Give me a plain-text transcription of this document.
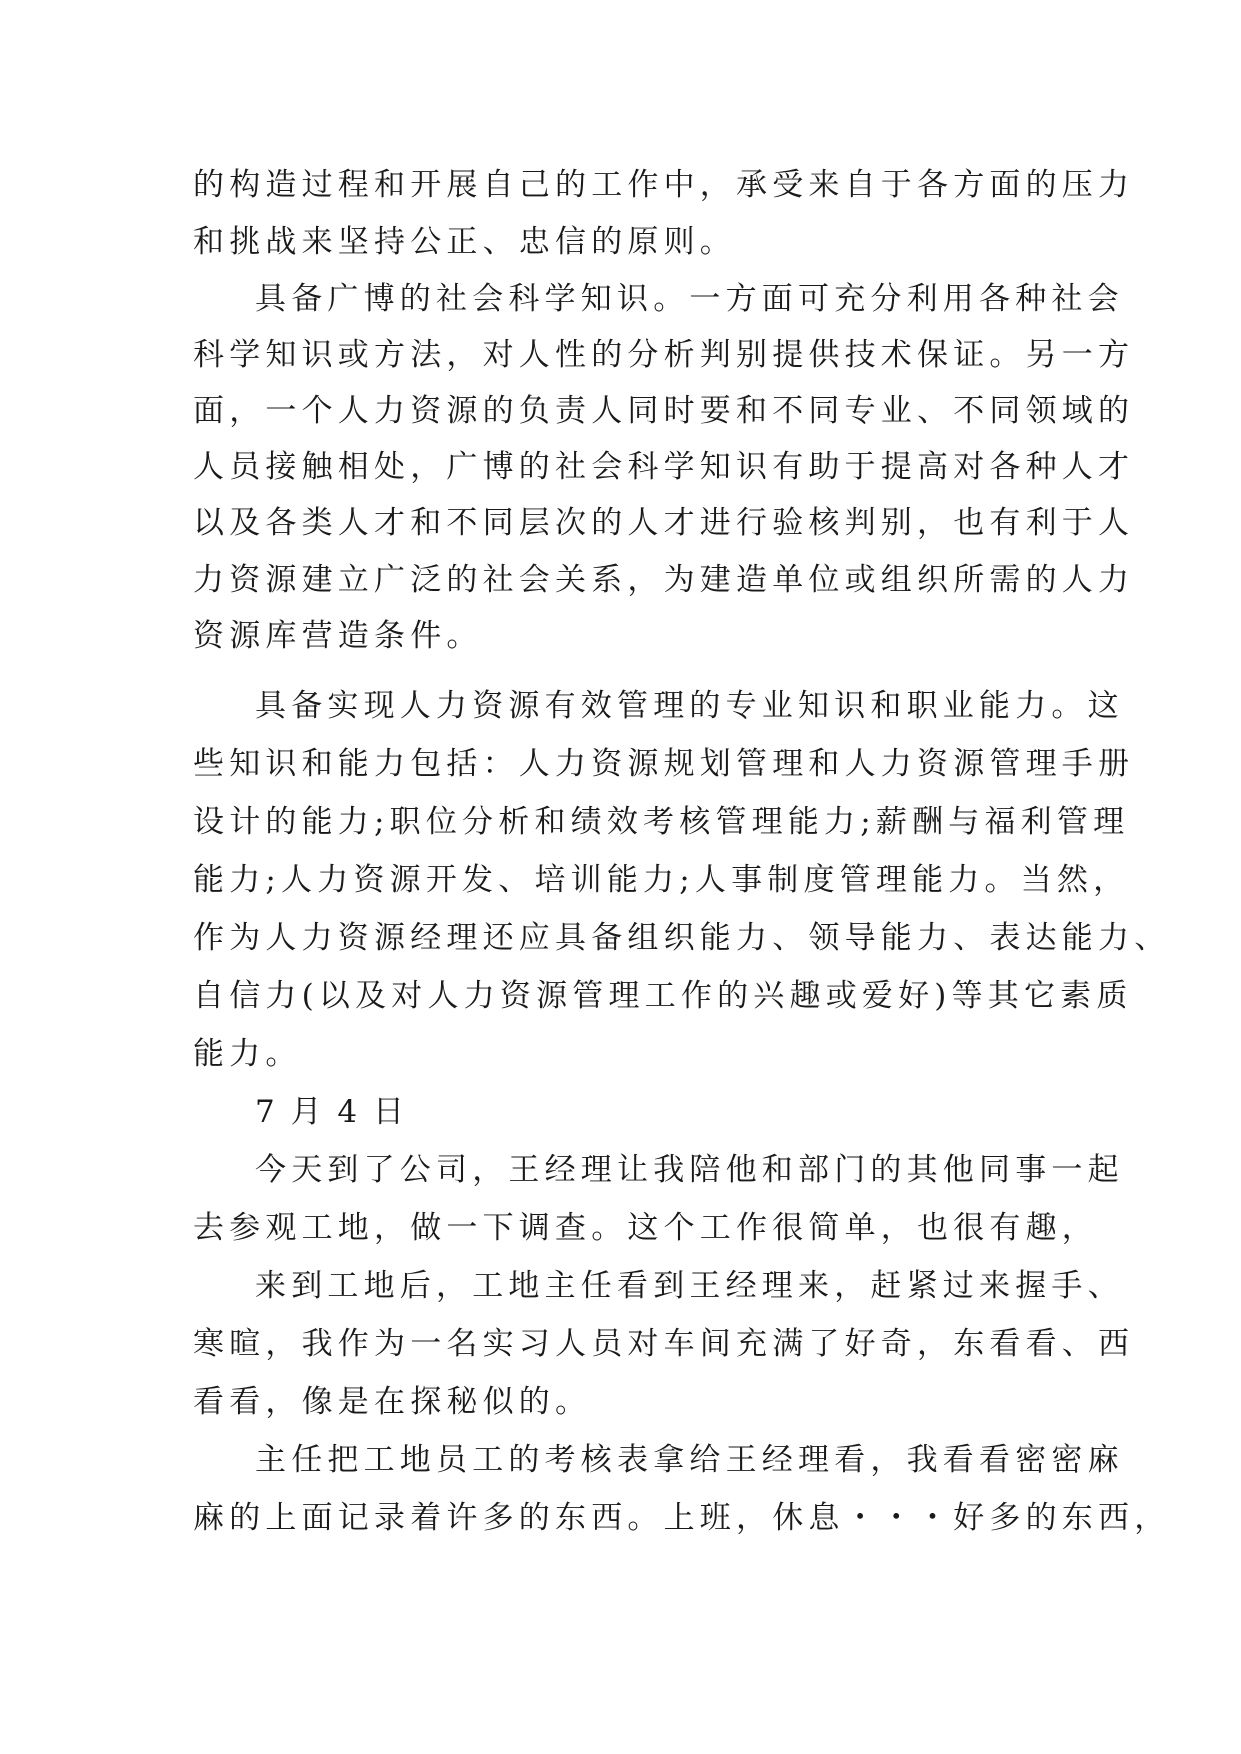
的构造过程和开展自己的工作中，承受来自于各方面的压力
和挑战来坚持公正、忠信的原则。
具备广博的社会科学知识。一方面可充分利用各种社会
科学知识或方法，对人性的分析判别提供技术保证。另一方
面，一个人力资源的负责人同时要和不同专业、不同领域的
人员接触相处，广博的社会科学知识有助于提高对各种人才
以及各类人才和不同层次的人才进行验核判别，也有利于人
力资源建立广泛的社会关系，为建造单位或组织所需的人力
资源库营造条件。
具备实现人力资源有效管理的专业知识和职业能力。这
些知识和能力包括：人力资源规划管理和人力资源管理手册
设计的能力;职位分析和绩效考核管理能力;薪酬与福利管理
能力;人力资源开发、培训能力;人事制度管理能力。当然，
作为人力资源经理还应具备组织能力、领导能力、表达能力、
自信力(以及对人力资源管理工作的兴趣或爱好)等其它素质
能力。
7 月 4 日
今天到了公司，王经理让我陪他和部门的其他同事一起
去参观工地，做一下调查。这个工作很简单，也很有趣，
来到工地后，工地主任看到王经理来，赶紧过来握手、
寒暄，我作为一名实习人员对车间充满了好奇，东看看、西
看看，像是在探秘似的。
主任把工地员工的考核表拿给王经理看，我看看密密麻
麻的上面记录着许多的东西。上班，休息・・・好多的东西，
